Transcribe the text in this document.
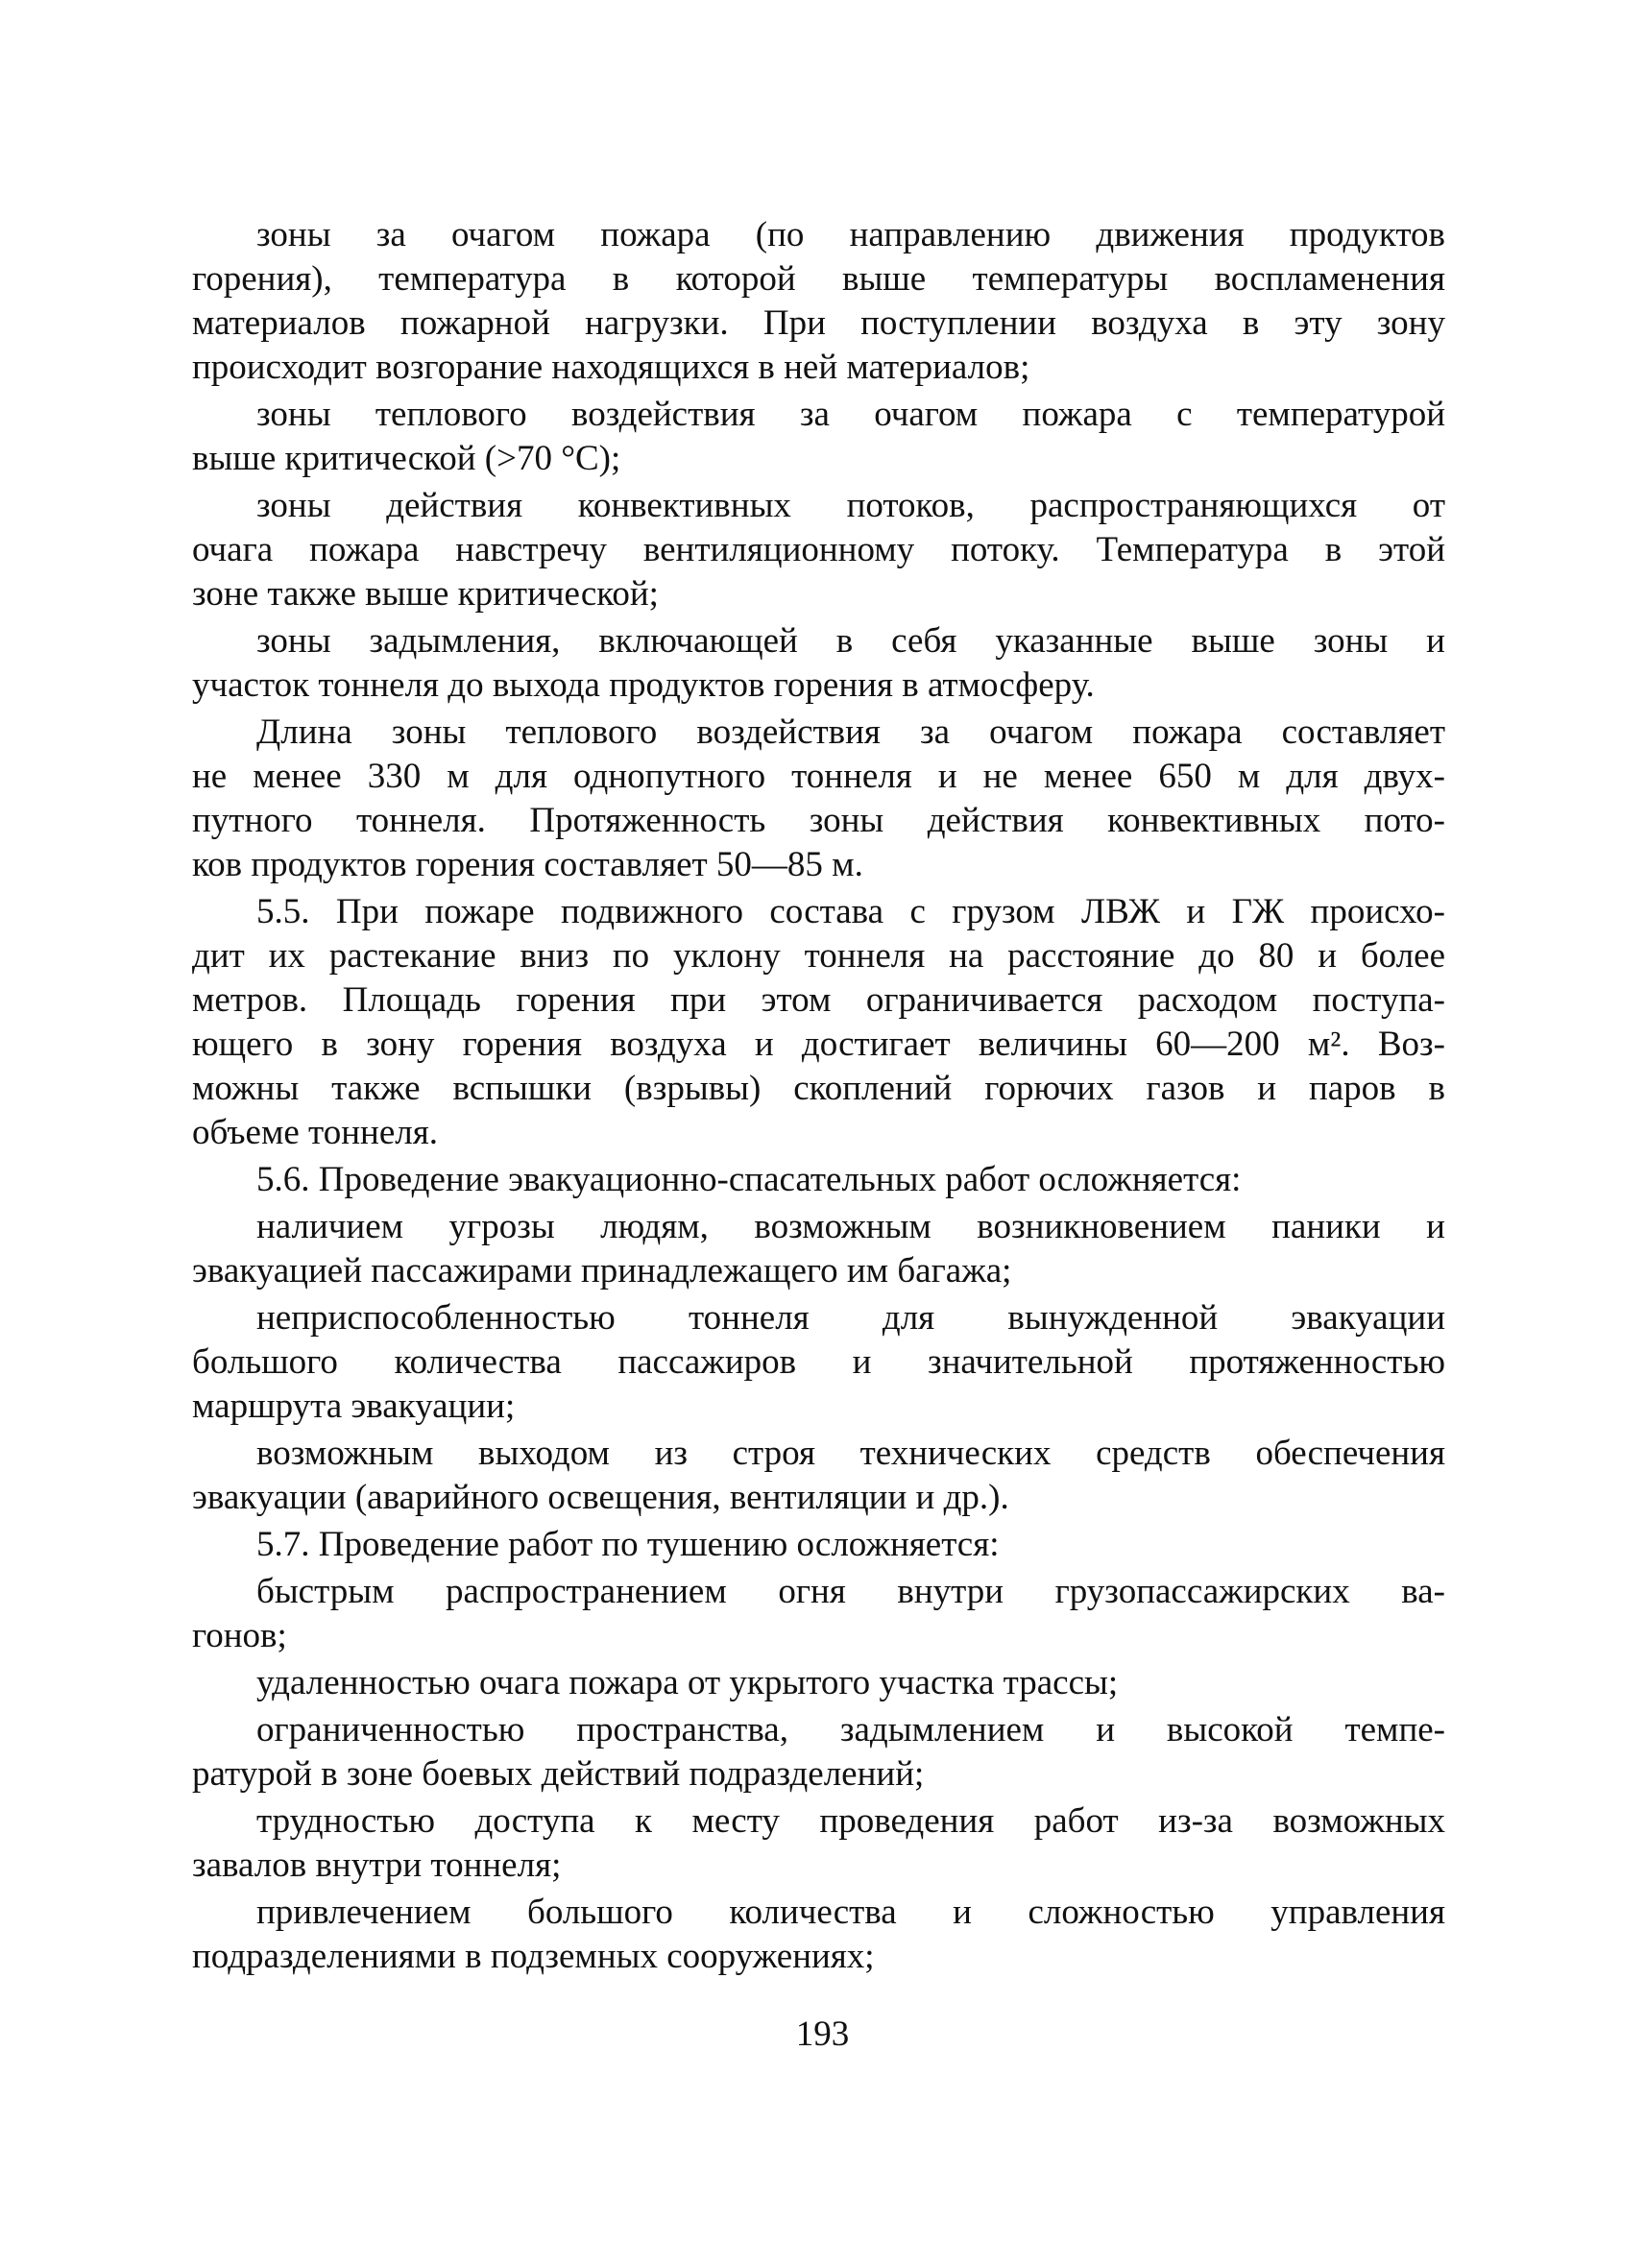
зоны за очагом пожара (по направлению движения продуктов
горения), температура в которой выше температуры воспламенения
материалов пожарной нагрузки. При поступлении воздуха в эту зону
происходит возгорание находящихся в ней материалов;
зоны теплового воздействия за очагом пожара с температурой
выше критической (>70 °С);
зоны действия конвективных потоков, распространяющихся от
очага пожара навстречу вентиляционному потоку. Температура в этой
зоне также выше критической;
зоны задымления, включающей в себя указанные выше зоны и
участок тоннеля до выхода продуктов горения в атмосферу.
Длина зоны теплового воздействия за очагом пожара составляет
не менее 330 м для однопутного тоннеля и не менее 650 м для двух-
путного тоннеля. Протяженность зоны действия конвективных пото-
ков продуктов горения составляет 50—85 м.
5.5. При пожаре подвижного состава с грузом ЛВЖ и ГЖ происхо-
дит их растекание вниз по уклону тоннеля на расстояние до 80 и более
метров. Площадь горения при этом ограничивается расходом поступа-
ющего в зону горения воздуха и достигает величины 60—200 м². Воз-
можны также вспышки (взрывы) скоплений горючих газов и паров в
объеме тоннеля.
5.6. Проведение эвакуационно-спасательных работ осложняется:
наличием угрозы людям, возможным возникновением паники и
эвакуацией пассажирами принадлежащего им багажа;
неприспособленностью тоннеля для вынужденной эвакуации
большого количества пассажиров и значительной протяженностью
маршрута эвакуации;
возможным выходом из строя технических средств обеспечения
эвакуации (аварийного освещения, вентиляции и др.).
5.7. Проведение работ по тушению осложняется:
быстрым распространением огня внутри грузопассажирских ва-
гонов;
удаленностью очага пожара от укрытого участка трассы;
ограниченностью пространства, задымлением и высокой темпе-
ратурой в зоне боевых действий подразделений;
трудностью доступа к месту проведения работ из-за возможных
завалов внутри тоннеля;
привлечением большого количества и сложностью управления
подразделениями в подземных сооружениях;
193
